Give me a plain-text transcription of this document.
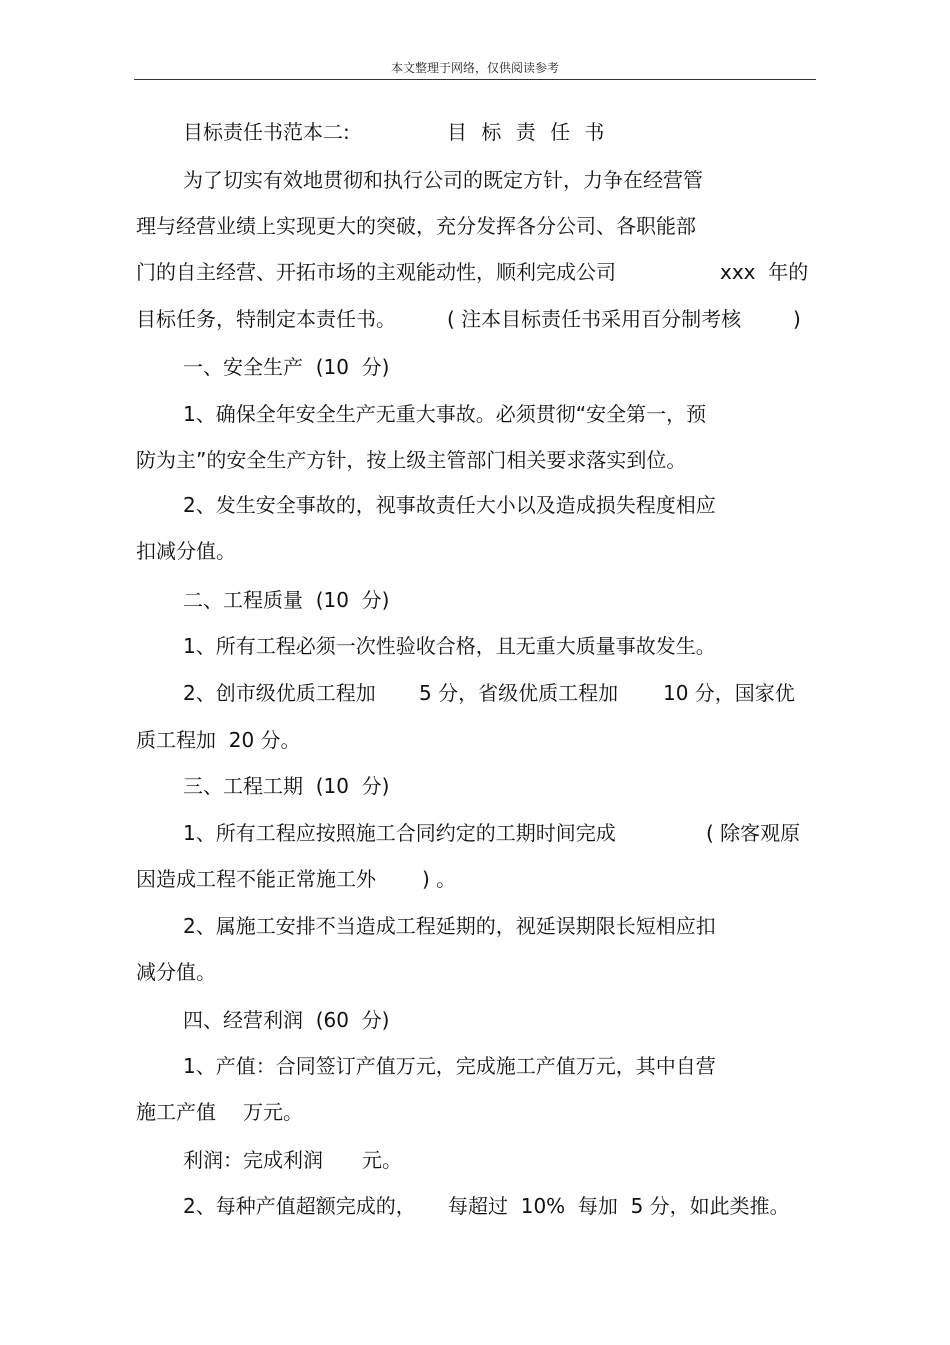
本文整理于网络，仅供阅读参考
目标责任书范本二:	目 标 责 任 书
为了切实有效地贯彻和执行公司的既定方针，力争在经营管
理与经营业绩上实现更大的突破，充分发挥各分公司、各职能部
门的自主经营、开拓市场的主观能动性，顺利完成公司	xxx  年的
目标任务，特制定本责任书。	( 注本目标责任书采用百分制考核	)
一、安全生产  (10  分)
1、确保全年安全生产无重大事故。必须贯彻“安全第一，预
防为主”的安全生产方针，按上级主管部门相关要求落实到位。
2、发生安全事故的，视事故责任大小以及造成损失程度相应
扣减分值。
二、工程质量  (10  分)
1、所有工程必须一次性验收合格，且无重大质量事故发生。
2、创市级优质工程加 5 分，省级优质工程加 10 分，国家优
质工程加  20 分。
三、工程工期  (10  分)
1、所有工程应按照施工合同约定的工期时间完成	( 除客观原
因造成工程不能正常施工外 ) 。
2、属施工安排不当造成工程延期的，视延误期限长短相应扣
减分值。
四、经营利润  (60  分)
1、产值：合同签订产值万元，完成施工产值万元，其中自营
施工产值 万元。
利润：完成利润 元。
2、每种产值超额完成的， 每超过  10%  每加  5 分，如此类推。
